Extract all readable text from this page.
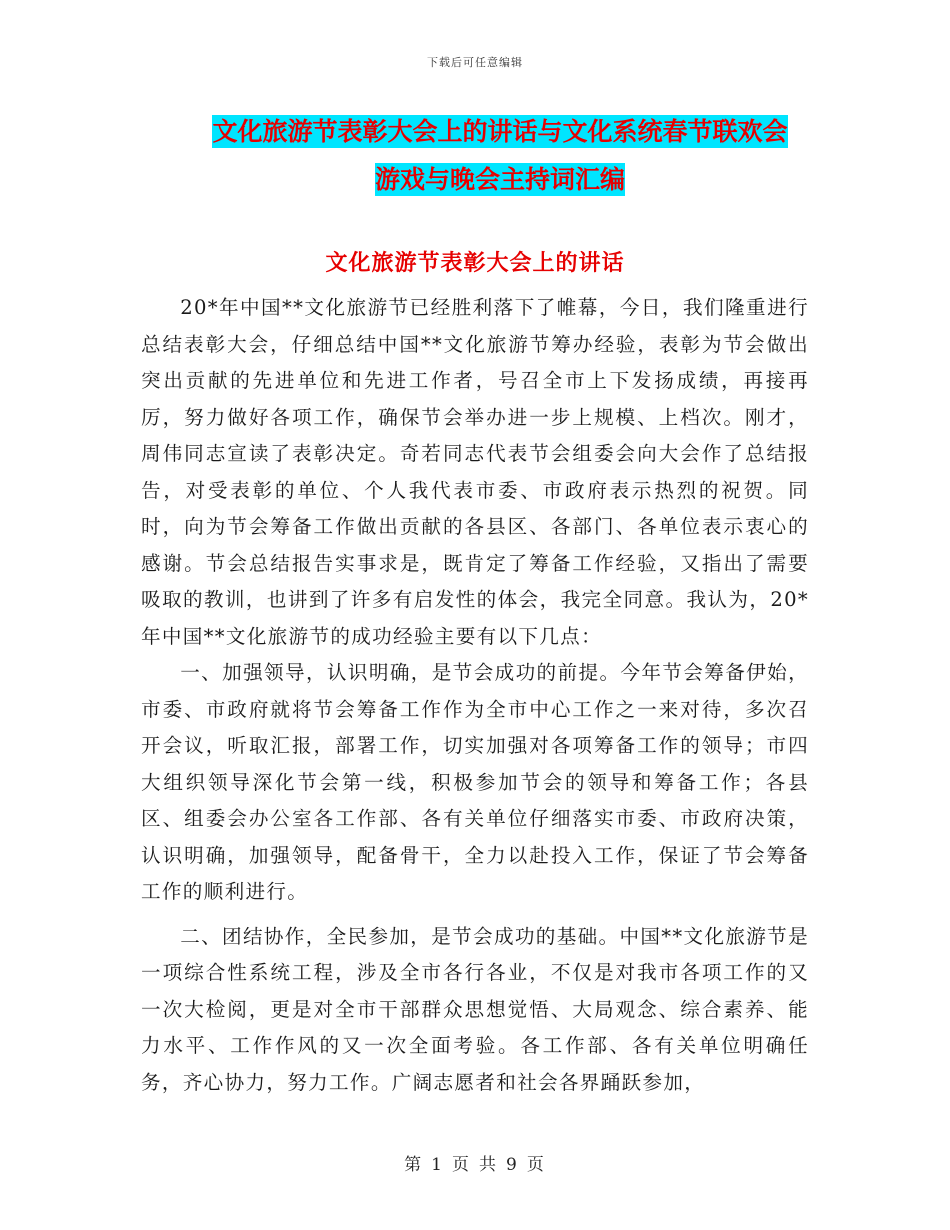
下载后可任意编辑
文化旅游节表彰大会上的讲话与文化系统春节联欢会
游戏与晚会主持词汇编
文化旅游节表彰大会上的讲话

20*年中国**文化旅游节已经胜利落下了帷幕，今日，我们隆重进行总结表彰大会，仔细总结中国**文化旅游节筹办经验，表彰为节会做出突出贡献的先进单位和先进工作者，号召全市上下发扬成绩，再接再厉，努力做好各项工作，确保节会举办进一步上规模、上档次。刚才，周伟同志宣读了表彰决定。奇若同志代表节会组委会向大会作了总结报告，对受表彰的单位、个人我代表市委、市政府表示热烈的祝贺。同时，向为节会筹备工作做出贡献的各县区、各部门、各单位表示衷心的感谢。节会总结报告实事求是，既肯定了筹备工作经验，又指出了需要吸取的教训，也讲到了许多有启发性的体会，我完全同意。我认为，20*年中国**文化旅游节的成功经验主要有以下几点：

一、加强领导，认识明确，是节会成功的前提。今年节会筹备伊始，市委、市政府就将节会筹备工作作为全市中心工作之一来对待，多次召开会议，听取汇报，部署工作，切实加强对各项筹备工作的领导；市四大组织领导深化节会第一线，积极参加节会的领导和筹备工作；各县区、组委会办公室各工作部、各有关单位仔细落实市委、市政府决策，认识明确，加强领导，配备骨干，全力以赴投入工作，保证了节会筹备工作的顺利进行。

二、团结协作，全民参加，是节会成功的基础。中国**文化旅游节是一项综合性系统工程，涉及全市各行各业，不仅是对我市各项工作的又一次大检阅，更是对全市干部群众思想觉悟、大局观念、综合素养、能力水平、工作作风的又一次全面考验。各工作部、各有关单位明确任务，齐心协力，努力工作。广阔志愿者和社会各界踊跃参加，

第 1 页 共 9 页
